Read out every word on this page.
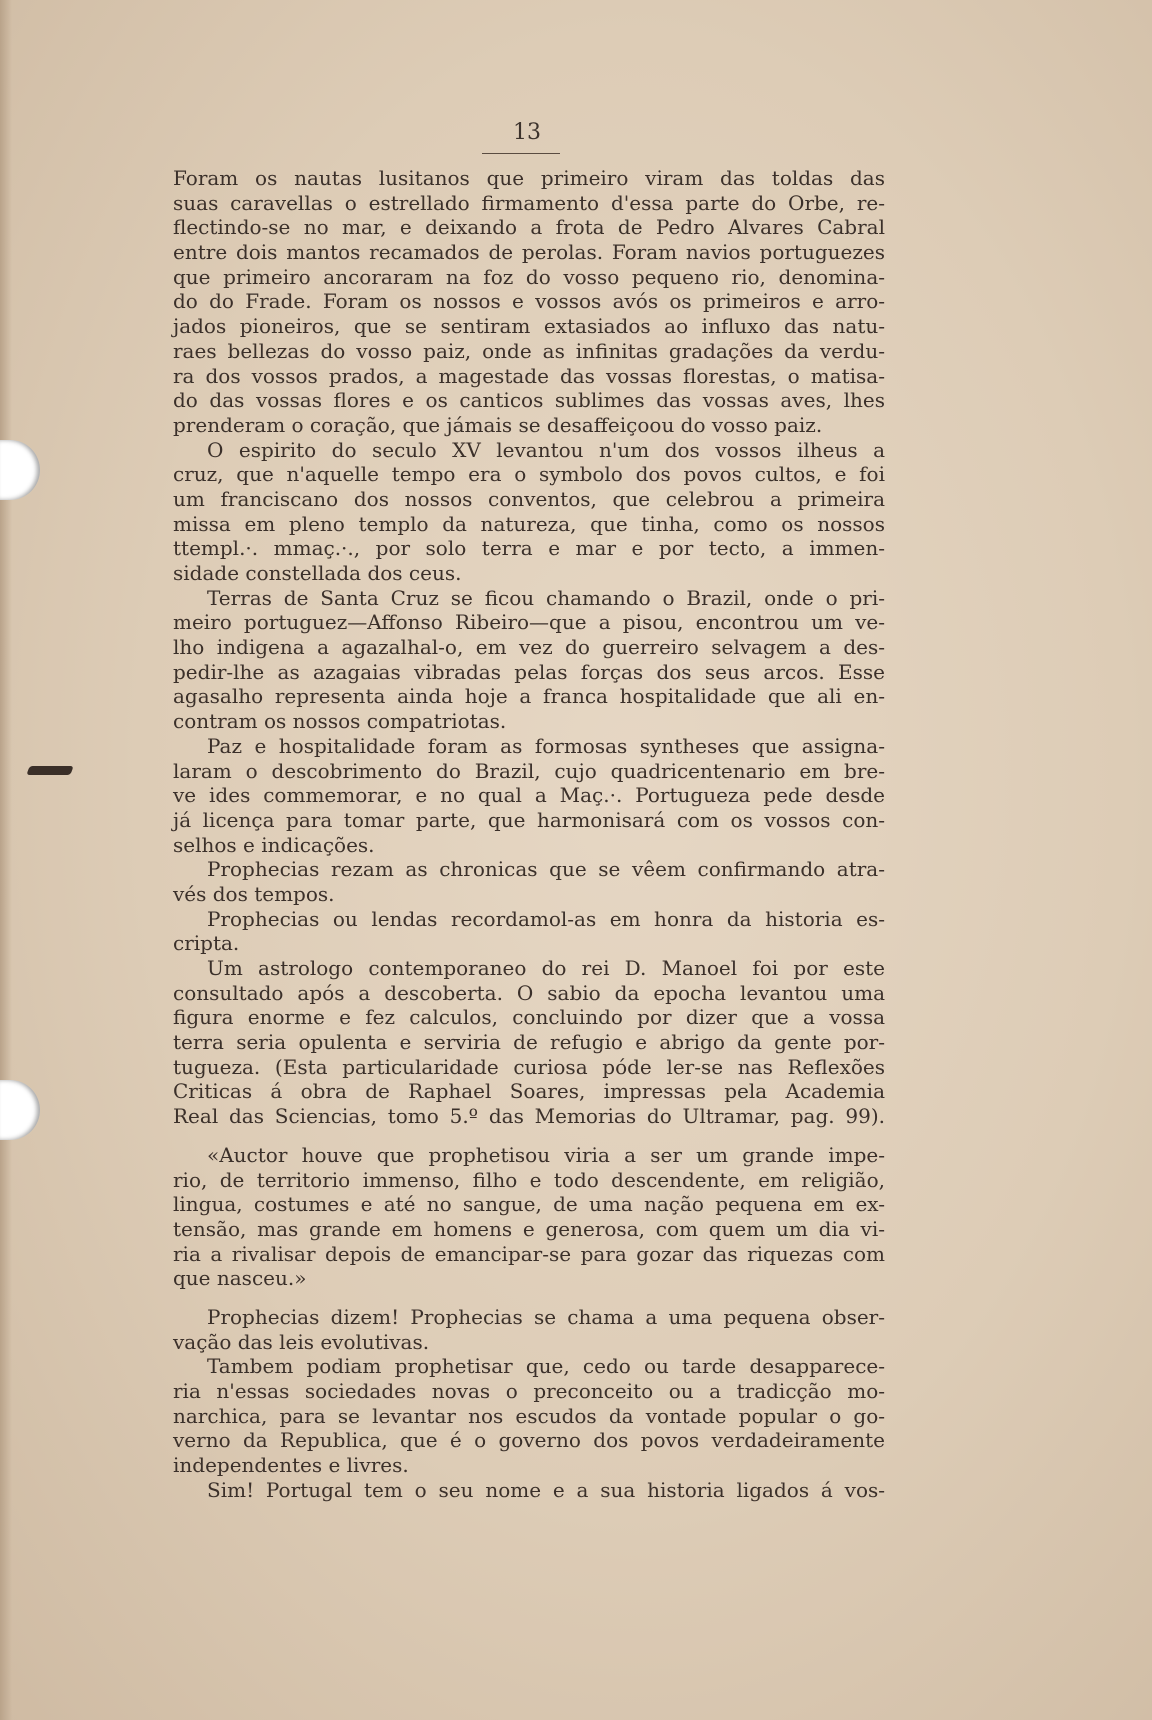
13
Foram os nautas lusitanos que primeiro viram das toldas das
suas caravellas o estrellado firmamento d'essa parte do Orbe, re-
flectindo-se no mar, e deixando a frota de Pedro Alvares Cabral
entre dois mantos recamados de perolas. Foram navios portuguezes
que primeiro ancoraram na foz do vosso pequeno rio, denomina-
do do Frade. Foram os nossos e vossos avós os primeiros e arro-
jados pioneiros, que se sentiram extasiados ao influxo das natu-
raes bellezas do vosso paiz, onde as infinitas gradações da verdu-
ra dos vossos prados, a magestade das vossas florestas, o matisa-
do das vossas flores e os canticos sublimes das vossas aves, lhes
prenderam o coração, que jámais se desaffeiçoou do vosso paiz.
O espirito do seculo XV levantou n'um dos vossos ilheus a
cruz, que n'aquelle tempo era o symbolo dos povos cultos, e foi
um franciscano dos nossos conventos, que celebrou a primeira
missa em pleno templo da natureza, que tinha, como os nossos
ttempl.·. mmaç.·., por solo terra e mar e por tecto, a immen-
sidade constellada dos ceus.
Terras de Santa Cruz se ficou chamando o Brazil, onde o pri-
meiro portuguez—Affonso Ribeiro—que a pisou, encontrou um ve-
lho indigena a agazalhal-o, em vez do guerreiro selvagem a des-
pedir-lhe as azagaias vibradas pelas forças dos seus arcos. Esse
agasalho representa ainda hoje a franca hospitalidade que ali en-
contram os nossos compatriotas.
Paz e hospitalidade foram as formosas syntheses que assigna-
laram o descobrimento do Brazil, cujo quadricentenario em bre-
ve ides commemorar, e no qual a Maç.·. Portugueza pede desde
já licença para tomar parte, que harmonisará com os vossos con-
selhos e indicações.
Prophecias rezam as chronicas que se vêem confirmando atra-
vés dos tempos.
Prophecias ou lendas recordamol-as em honra da historia es-
cripta.
Um astrologo contemporaneo do rei D. Manoel foi por este
consultado após a descoberta. O sabio da epocha levantou uma
figura enorme e fez calculos, concluindo por dizer que a vossa
terra seria opulenta e serviria de refugio e abrigo da gente por-
tugueza. (Esta particularidade curiosa póde ler-se nas Reflexões
Criticas á obra de Raphael Soares, impressas pela Academia
Real das Sciencias, tomo 5.º das Memorias do Ultramar, pag. 99).
«Auctor houve que prophetisou viria a ser um grande impe-
rio, de territorio immenso, filho e todo descendente, em religião,
lingua, costumes e até no sangue, de uma nação pequena em ex-
tensão, mas grande em homens e generosa, com quem um dia vi-
ria a rivalisar depois de emancipar-se para gozar das riquezas com
que nasceu.»
Prophecias dizem! Prophecias se chama a uma pequena obser-
vação das leis evolutivas.
Tambem podiam prophetisar que, cedo ou tarde desapparece-
ria n'essas sociedades novas o preconceito ou a tradicção mo-
narchica, para se levantar nos escudos da vontade popular o go-
verno da Republica, que é o governo dos povos verdadeiramente
independentes e livres.
Sim! Portugal tem o seu nome e a sua historia ligados á vos-
